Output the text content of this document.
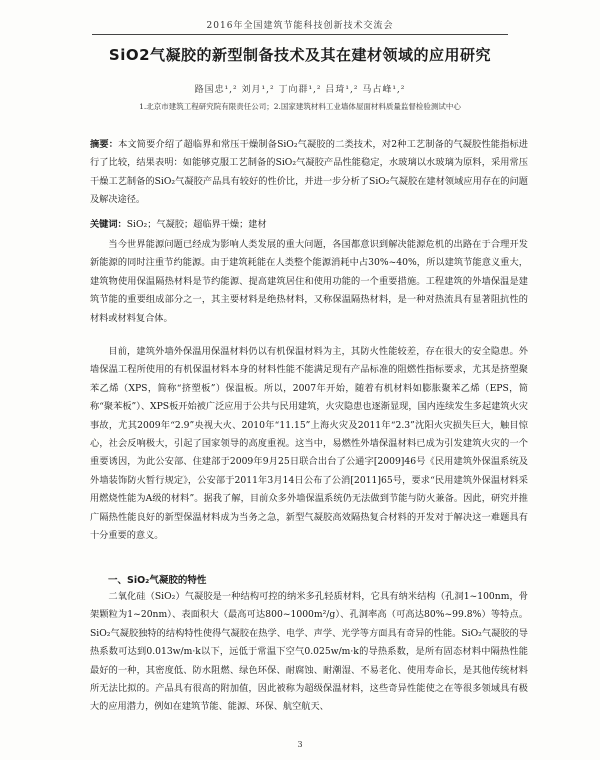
2016年全国建筑节能科技创新技术交流会
SiO2气凝胶的新型制备技术及其在建材领域的应用研究
路国忠¹,² 刘月¹,² 丁向群¹,² 吕琦¹,² 马占峰¹,²
1.北京市建筑工程研究院有限责任公司；2.国家建筑材料工业墙体屋面材料质量监督检验测试中心
摘要：本文简要介绍了超临界和常压干燥制备SiO₂气凝胶的二类技术，对2种工艺制备的气凝胶性能指标进行了比较，结果表明：如能够克服工艺制备的SiO₂气凝胶产品性能稳定，水玻璃以水玻璃为原料，采用常压干燥工艺制备的SiO₂气凝胶产品具有较好的性价比，并进一步分析了SiO₂气凝胶在建材领域应用存在的问题及解决途径。
关键词：SiO₂；气凝胶；超临界干燥；建材

当今世界能源问题已经成为影响人类发展的重大问题，各国都意识到解决能源危机的出路在于合理开发新能源的同时注重节约能源。由于建筑耗能在人类整个能源消耗中占30%~40%，所以建筑节能意义重大，建筑物使用保温隔热材料是节约能源、提高建筑居住和使用功能的一个重要措施。工程建筑的外墙保温是建筑节能的重要组成部分之一，其主要材料是绝热材料，又称保温隔热材料，是一种对热流具有显著阻抗性的材料或材料复合体。

目前，建筑外墙外保温用保温材料仍以有机保温材料为主，其防火性能较差，存在很大的安全隐患。外墙保温工程所使用的有机保温材料本身的材料性能不能满足现有产品标准的阻燃性指标要求，尤其是挤塑聚苯乙烯（XPS，简称“挤塑板”）保温板。所以，2007年开始，随着有机材料如膨胀聚苯乙烯（EPS，简称“聚苯板”）、XPS板开始被广泛应用于公共与民用建筑，火灾隐患也逐渐显现，国内连续发生多起建筑火灾事故，尤其2009年“2.9”央视大火、2010年“11.15”上海火灾及2011年“2.3”沈阳火灾损失巨大，触目惊心，社会反响极大，引起了国家领导的高度重视。这当中，易燃性外墙保温材料已成为引发建筑火灾的一个重要诱因，为此公安部、住建部于2009年9月25日联合出台了公通字[2009]46号《民用建筑外保温系统及外墙装饰防火暂行规定》，公安部于2011年3月14日公布了公消[2011]65号，要求“民用建筑外保温材料采用燃烧性能为A级的材料”。据我了解，目前众多外墙保温系统仍无法做到节能与防火兼备。因此，研究并推广隔热性能良好的新型保温材料成为当务之急，新型气凝胶高效隔热复合材料的开发对于解决这一难题具有十分重要的意义。

一、SiO₂气凝胶的特性

二氧化硅（SiO₂）气凝胶是一种结构可控的纳米多孔轻质材料，它具有纳米结构（孔洞1~100nm，骨架颗粒为1~20nm）、表面积大（最高可达800~1000m²/g）、孔洞率高（可高达80%~99.8%）等特点。SiO₂气凝胶独特的结构特性使得气凝胶在热学、电学、声学、光学等方面具有奇异的性能。SiO₂气凝胶的导热系数可达到0.013w/m·k以下，远低于常温下空气0.025w/m·k的导热系数，是所有固态材料中隔热性能最好的一种，其密度低、防水阻燃、绿色环保、耐腐蚀、耐潮湿、不易老化、使用寿命长，是其他传统材料所无法比拟的。产品具有很高的附加值，因此被称为超级保温材料，这些奇异性能使之在等很多领域具有极大的应用潜力，例如在建筑节能、能源、环保、航空航天、

3
